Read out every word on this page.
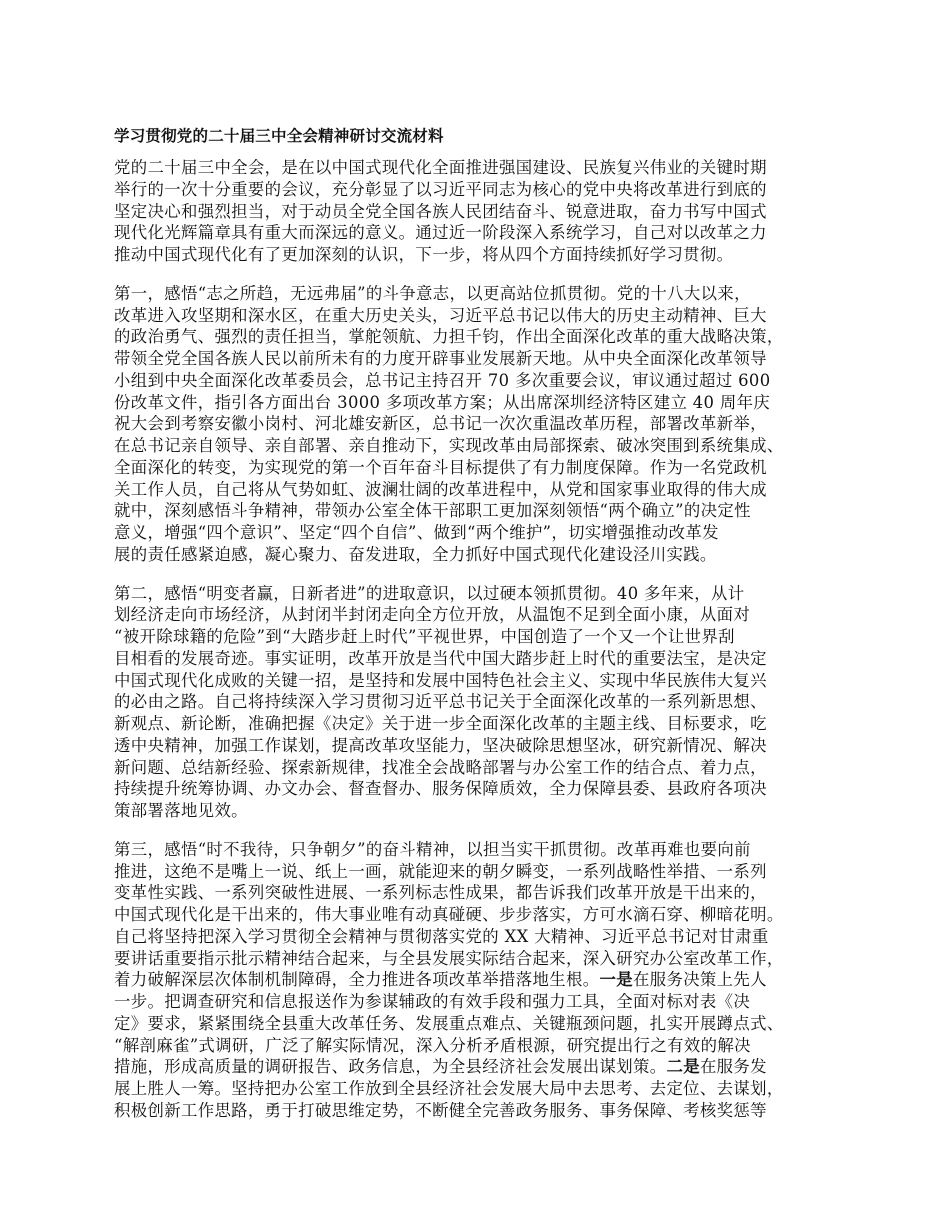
学习贯彻党的二十届三中全会精神研讨交流材料
党的二十届三中全会，是在以中国式现代化全面推进强国建设、民族复兴伟业的关键时期
举行的一次十分重要的会议，充分彰显了以习近平同志为核心的党中央将改革进行到底的
坚定决心和强烈担当，对于动员全党全国各族人民团结奋斗、锐意进取，奋力书写中国式
现代化光辉篇章具有重大而深远的意义。通过近一阶段深入系统学习，自己对以改革之力
推动中国式现代化有了更加深刻的认识，下一步，将从四个方面持续抓好学习贯彻。
第一，感悟“志之所趋，无远弗届”的斗争意志，以更高站位抓贯彻。党的十八大以来，
改革进入攻坚期和深水区，在重大历史关头，习近平总书记以伟大的历史主动精神、巨大
的政治勇气、强烈的责任担当，掌舵领航、力担千钧，作出全面深化改革的重大战略决策，
带领全党全国各族人民以前所未有的力度开辟事业发展新天地。从中央全面深化改革领导
小组到中央全面深化改革委员会，总书记主持召开 70 多次重要会议，审议通过超过 600
份改革文件，指引各方面出台 3000 多项改革方案；从出席深圳经济特区建立 40 周年庆
祝大会到考察安徽小岗村、河北雄安新区，总书记一次次重温改革历程，部署改革新举，
在总书记亲自领导、亲自部署、亲自推动下，实现改革由局部探索、破冰突围到系统集成、
全面深化的转变，为实现党的第一个百年奋斗目标提供了有力制度保障。作为一名党政机
关工作人员，自己将从气势如虹、波澜壮阔的改革进程中，从党和国家事业取得的伟大成
就中，深刻感悟斗争精神，带领办公室全体干部职工更加深刻领悟“两个确立”的决定性
意义，增强“四个意识”、坚定“四个自信”、做到“两个维护”，切实增强推动改革发
展的责任感紧迫感，凝心聚力、奋发进取，全力抓好中国式现代化建设泾川实践。
第二，感悟“明变者赢，日新者进”的进取意识，以过硬本领抓贯彻。40 多年来，从计
划经济走向市场经济，从封闭半封闭走向全方位开放，从温饱不足到全面小康，从面对
“被开除球籍的危险”到“大踏步赶上时代”平视世界，中国创造了一个又一个让世界刮
目相看的发展奇迹。事实证明，改革开放是当代中国大踏步赶上时代的重要法宝，是决定
中国式现代化成败的关键一招，是坚持和发展中国特色社会主义、实现中华民族伟大复兴
的必由之路。自己将持续深入学习贯彻习近平总书记关于全面深化改革的一系列新思想、
新观点、新论断，准确把握《决定》关于进一步全面深化改革的主题主线、目标要求，吃
透中央精神，加强工作谋划，提高改革攻坚能力，坚决破除思想坚冰，研究新情况、解决
新问题、总结新经验、探索新规律，找准全会战略部署与办公室工作的结合点、着力点，
持续提升统筹协调、办文办会、督查督办、服务保障质效，全力保障县委、县政府各项决
策部署落地见效。
第三，感悟“时不我待，只争朝夕”的奋斗精神，以担当实干抓贯彻。改革再难也要向前
推进，这绝不是嘴上一说、纸上一画，就能迎来的朝夕瞬变，一系列战略性举措、一系列
变革性实践、一系列突破性进展、一系列标志性成果，都告诉我们改革开放是干出来的，
中国式现代化是干出来的，伟大事业唯有动真碰硬、步步落实，方可水滴石穿、柳暗花明。
自己将坚持把深入学习贯彻全会精神与贯彻落实党的 XX 大精神、习近平总书记对甘肃重
要讲话重要指示批示精神结合起来，与全县发展实际结合起来，深入研究办公室改革工作，
着力破解深层次体制机制障碍，全力推进各项改革举措落地生根。一是在服务决策上先人
一步。把调查研究和信息报送作为参谋辅政的有效手段和强力工具，全面对标对表《决
定》要求，紧紧围绕全县重大改革任务、发展重点难点、关键瓶颈问题，扎实开展蹲点式、
“解剖麻雀”式调研，广泛了解实际情况，深入分析矛盾根源，研究提出行之有效的解决
措施，形成高质量的调研报告、政务信息，为全县经济社会发展出谋划策。二是在服务发
展上胜人一筹。坚持把办公室工作放到全县经济社会发展大局中去思考、去定位、去谋划，
积极创新工作思路，勇于打破思维定势，不断健全完善政务服务、事务保障、考核奖惩等
